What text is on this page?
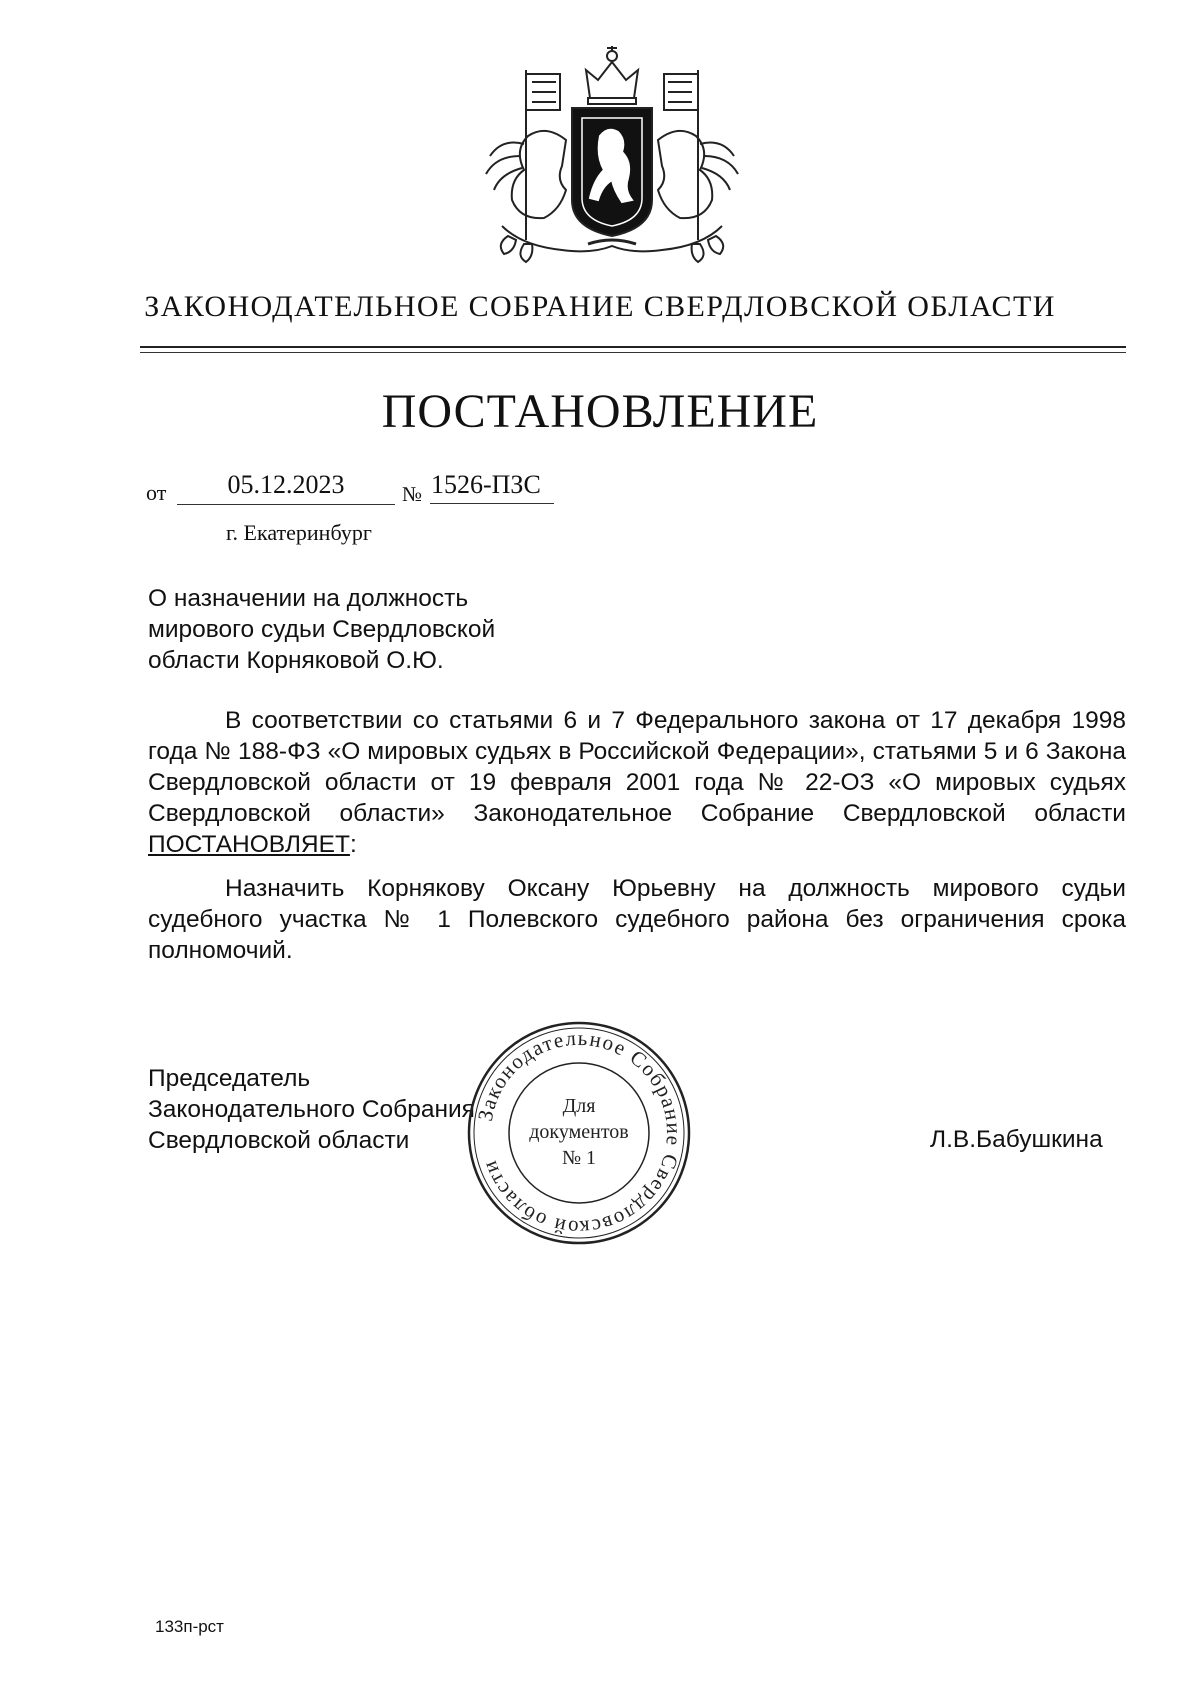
ЗАКОНОДАТЕЛЬНОЕ СОБРАНИЕ СВЕРДЛОВСКОЙ ОБЛАСТИ
ПОСТАНОВЛЕНИЕ
от	05.12.2023	№ 1526-ПЗС
г. Екатеринбург
О назначении на должность
мирового судьи Свердловской
области Корняковой О.Ю.
В соответствии со статьями 6 и 7 Федерального закона от 17 декабря 1998 года № 188-ФЗ «О мировых судьях в Российской Федерации», статьями 5 и 6 Закона Свердловской области от 19 февраля 2001 года № 22-ОЗ «О мировых судьях Свердловской области» Законодательное Собрание Свердловской области ПОСТАНОВЛЯЕТ:
Назначить Корнякову Оксану Юрьевну на должность мирового судьи судебного участка № 1 Полевского судебного района без ограничения срока полномочий.
Председатель
Законодательного Собрания
Свердловской области
Законодательное Собрание Свердловской области
Для
документов
№ 1
Л.В.Бабушкина
133п-рст
